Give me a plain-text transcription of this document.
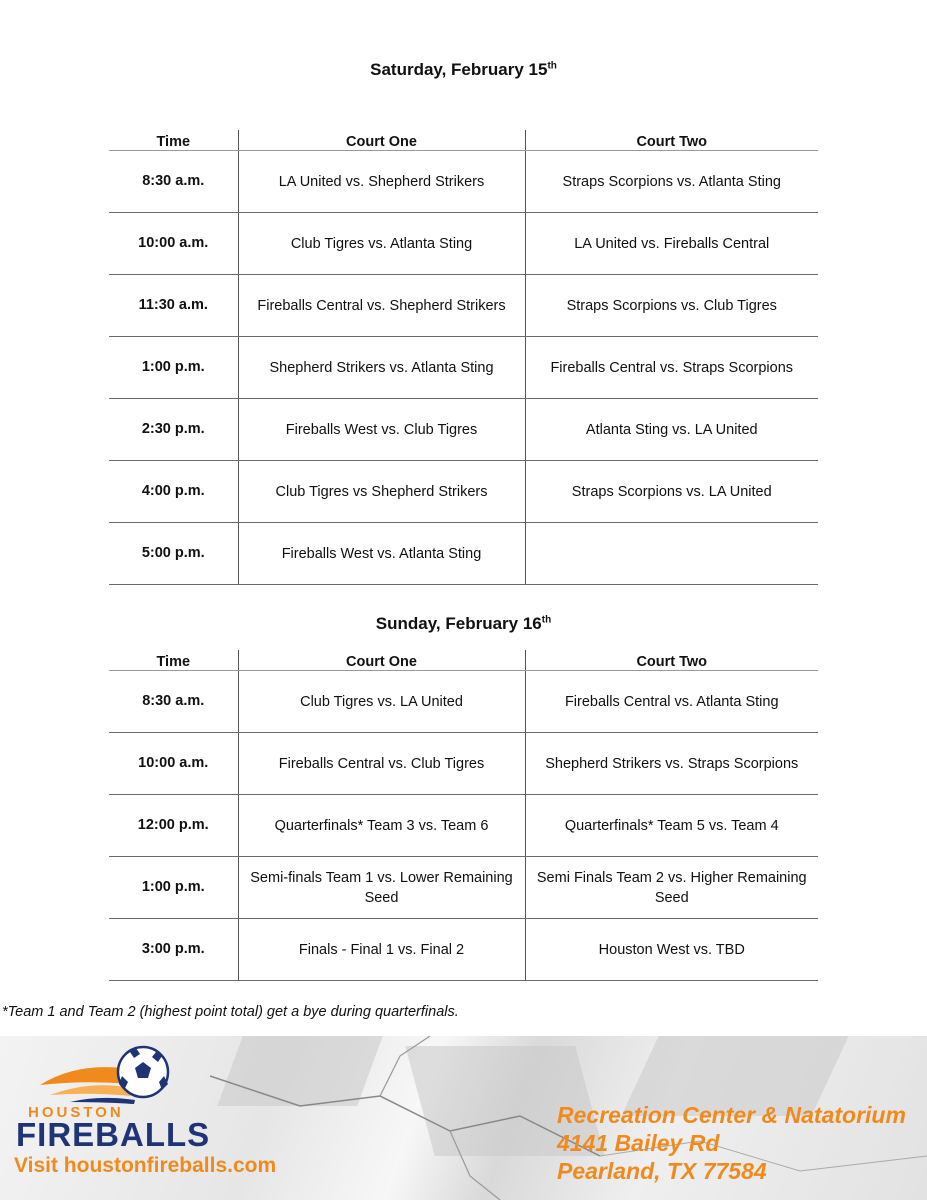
Saturday, February 15th
Time	Court One	Court Two
8:30 a.m.	LA United vs. Shepherd Strikers	Straps Scorpions vs. Atlanta Sting
10:00 a.m.	Club Tigres vs. Atlanta Sting	LA United vs. Fireballs Central
11:30 a.m.	Fireballs Central vs. Shepherd Strikers	Straps Scorpions vs. Club Tigres
1:00 p.m.	Shepherd Strikers vs. Atlanta Sting	Fireballs Central vs. Straps Scorpions
2:30 p.m.	Fireballs West vs. Club Tigres	Atlanta Sting vs. LA United
4:00 p.m.	Club Tigres vs Shepherd Strikers	Straps Scorpions vs. LA United
5:00 p.m.	Fireballs West vs. Atlanta Sting	
Sunday, February 16th
Time	Court One	Court Two
8:30 a.m.	Club Tigres vs. LA United	Fireballs Central vs. Atlanta Sting
10:00 a.m.	Fireballs Central vs. Club Tigres	Shepherd Strikers vs. Straps Scorpions
12:00 p.m.	Quarterfinals* Team 3 vs. Team 6	Quarterfinals* Team 5 vs. Team 4
1:00 p.m.	Semi-finals Team 1 vs. Lower Remaining Seed	Semi Finals Team 2 vs. Higher Remaining Seed
3:00 p.m.	Finals - Final 1 vs. Final 2	Houston West vs. TBD
*Team 1 and Team 2 (highest point total) get a bye during quarterfinals.
HOUSTON
FIREBALLS
Visit houstonfireballs.com
Recreation Center & Natatorium
4141 Bailey Rd
Pearland, TX 77584
